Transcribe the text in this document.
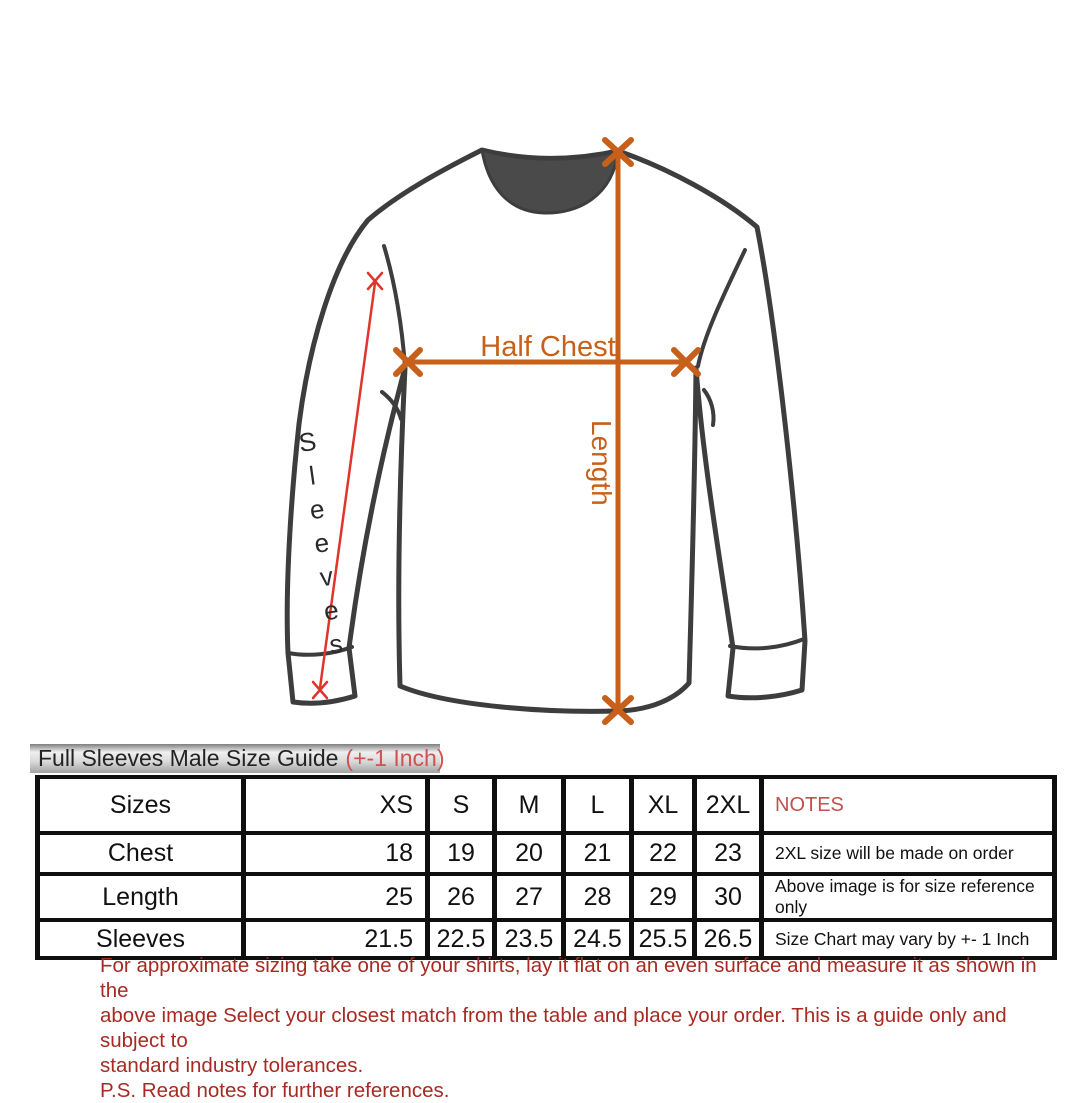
Half Chest
Length
Sleeves
Full Sleeves Male Size Guide (+-1 Inch)
Sizes	XS	S	M	L	XL	2XL	NOTES
Chest	18	19	20	21	22	23	2XL size will be made on order
Length	25	26	27	28	29	30	Above image is for size reference only
Sleeves	21.5	22.5	23.5	24.5	25.5	26.5	Size Chart may vary by +- 1 Inch
For approximate sizing take one of your shirts, lay it flat on an even surface and measure it as shown in the
above image Select your closest match from the table and place your order. This is a guide only and subject to
standard industry tolerances.
P.S. Read notes for further references.
